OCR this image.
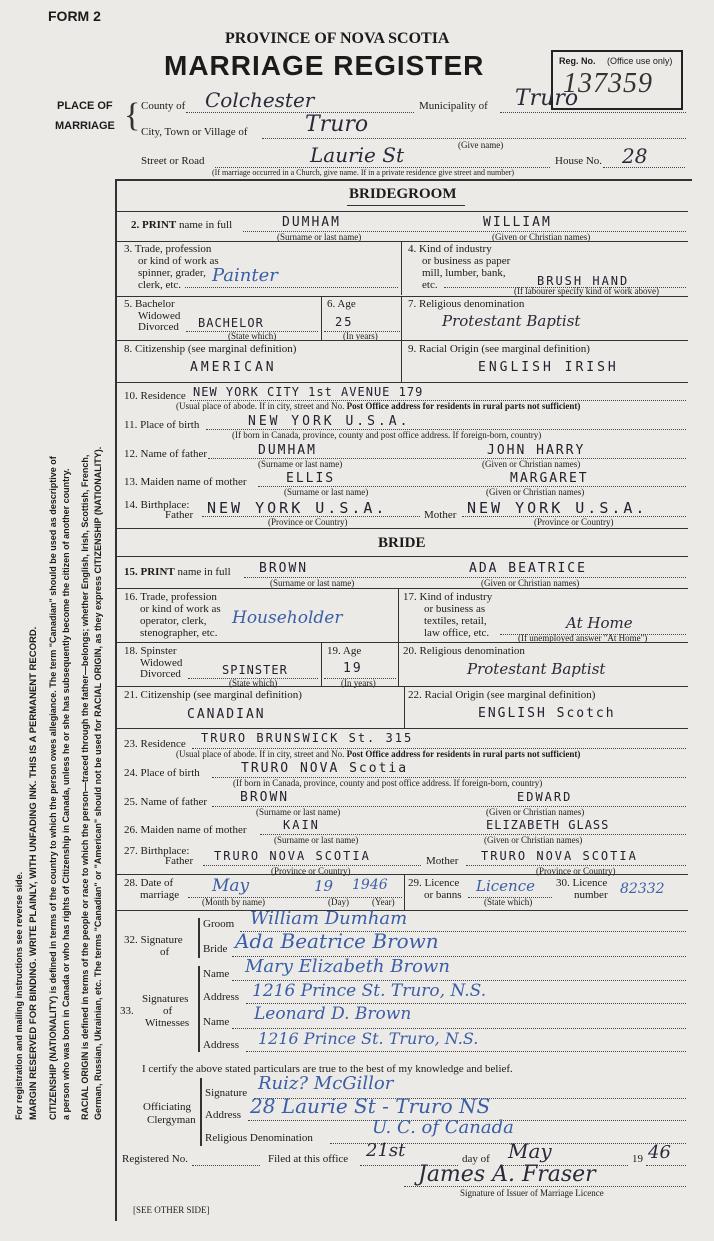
FORM 2
PROVINCE OF NOVA SCOTIA
MARRIAGE REGISTER	Reg. No. (Office use only)
137359
PLACE OF
MARRIAGE { County of Colchester	Municipality of Truro
City, Town or Village of	Truro
(Give name)
Street or Road	Laurie St	House No. 28
(If marriage occurred in a Church, give name. If in a private residence give street and number)
For registration and mailing instructions see reverse side. MARGIN RESERVED FOR BINDING. WRITE PLAINLY, WITH UNFADING INK. THIS IS A PERMANENT RECORD. CITIZENSHIP (NATIONALITY) is defined in terms of the country to which the person owes allegiance. The term "Canadian" should be used as descriptive of a person who was born in Canada or who has rights of Citizenship in Canada, unless he or she has subsequently become the citizen of another country. RACIAL ORIGIN is defined in terms of the people or race to which the person—traced through the father—belongs; whether English, Irish, Scottish, French, German, Russian, Ukrainian, etc. The terms "Canadian" or "American" should not be used for RACIAL ORIGIN, as they express CITIZENSHIP (NATIONALITY).
BRIDEGROOM
2. PRINT name in full	DUMHAM	WILLIAM
(Surname or last name)	(Given or Christian names)
3. Trade, profession
or kind of work as
spinner, grader,
clerk, etc. Painter
4. Kind of industry
or business as paper
mill, lumber, bank,
etc.	BRUSH HAND
(If labourer specify kind of work above)
5. Bachelor
Widowed
Divorced BACHELOR
(State which)
6. Age
25
(In years)
7. Religious denomination
Protestant Baptist
8. Citizenship (see marginal definition)
AMERICAN
9. Racial Origin (see marginal definition)
ENGLISH IRISH
10. Residence NEW YORK CITY 1st AVENUE 179
(Usual place of abode. If in city, street and No. Post Office address for residents in rural parts not sufficient)
11. Place of birth	NEW YORK U.S.A.
(If born in Canada, province, county and post office address. If foreign-born, country)
12. Name of father	DUMHAM	JOHN HARRY
(Surname or last name)	(Given or Christian names)
13. Maiden name of mother	ELLIS	MARGARET
(Surname or last name)	(Given or Christian names)
14. Birthplace:
Father NEW YORK U.S.A.
(Province or Country)
Mother NEW YORK U.S.A.
(Province or Country)
BRIDE
15. PRINT name in full BROWN	ADA BEATRICE
(Surname or last name)	(Given or Christian names)
16. Trade, profession
or kind of work as
operator, clerk,
stenographer, etc.
Householder
17. Kind of industry
or business as
textiles, retail,
law office, etc.
At Home
(If unemployed answer "At Home")
18. Spinster
Widowed
Divorced	SPINSTER
(State which)
19. Age
19
(In years)
20. Religious denomination
Protestant Baptist
21. Citizenship (see marginal definition)
CANADIAN
22. Racial Origin (see marginal definition)
ENGLISH Scotch
23. Residence TRURO BRUNSWICK St. 315
(Usual place of abode. If in city, street and No. Post Office address for residents in rural parts not sufficient)
24. Place of birth	TRURO NOVA Scotia
(If born in Canada, province, county and post office address. If foreign-born, country)
25. Name of father	BROWN	EDWARD
(Surname or last name)	(Given or Christian names)
26. Maiden name of mother	KAIN	ELIZABETH GLASS
(Surname or last name)	(Given or Christian names)
27. Birthplace:
Father TRURO NOVA SCOTIA
(Province or Country)
Mother TRURO NOVA SCOTIA
(Province or Country)
28. Date of
marriage May	19 1946
(Month by name)	(Day)	(Year)
29. Licence
or banns Licence
(State which)
30. Licence
number 82332
32. Signature
of
Groom William Dumham
Bride Ada Beatrice Brown
Signatures
of
Witnesses
33.
Name Mary Elizabeth Brown
Address 1216 Prince St. Truro, N.S.
Name Leonard D. Brown
Address 1216 Prince St. Truro, N.S.
I certify the above stated particulars are true to the best of my knowledge and belief.
Officiating
Clergyman
Signature Ruiz? McGillor
Address 28 Laurie St - Truro NS
Religious Denomination	U. C. of Canada
Registered No.	Filed at this office 21st	day of May	19 46
James A. Fraser
Signature of Issuer of Marriage Licence
[SEE OTHER SIDE]
